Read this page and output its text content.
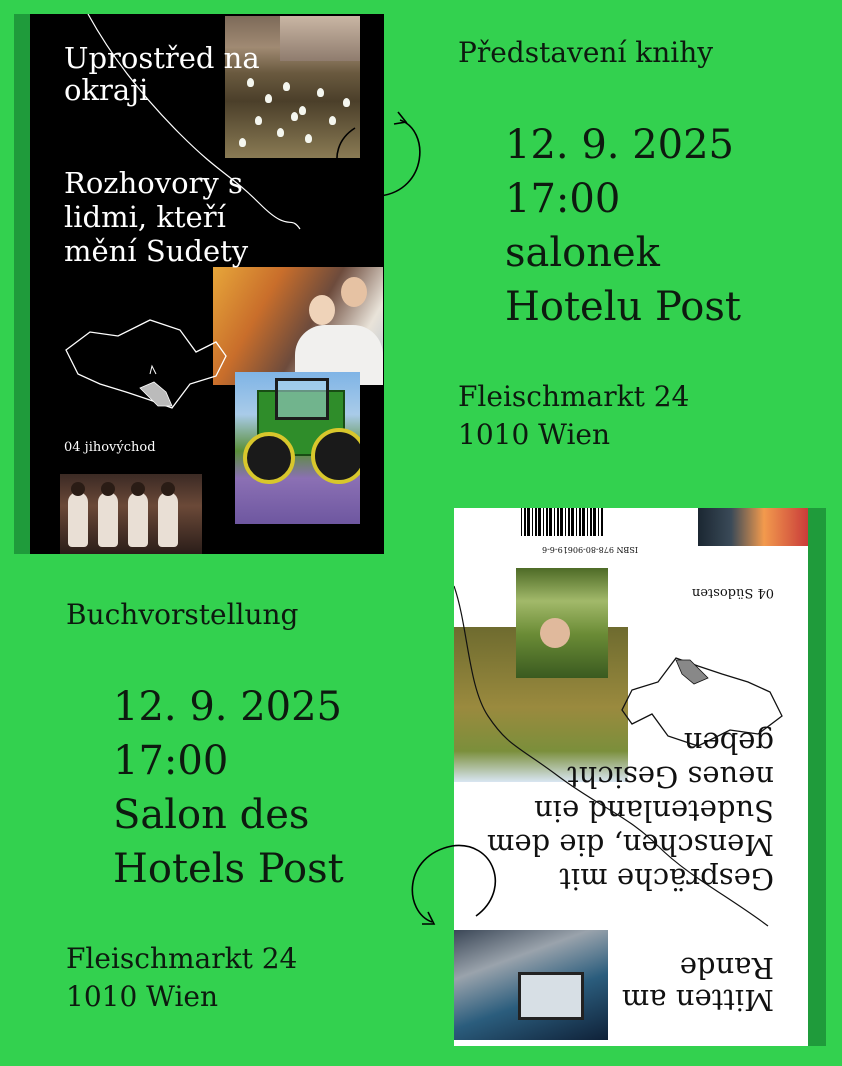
Uprostřed na okraji
Rozhovory s lidmi, kteří mění Sudety
04 jihovýchod
Mitten am Rande
Gespräche mit Menschen, die dem Sudetenland ein neues Gesicht geben
04 Südosten
ISBN 978-80-90619-6-6
Představení knihy

12. 9. 2025

17:00

salonek

Hotelu Post

Fleischmarkt 24
1010 Wien
Buchvorstellung

12. 9. 2025

17:00

Salon des

Hotels Post

Fleischmarkt 24
1010 Wien
